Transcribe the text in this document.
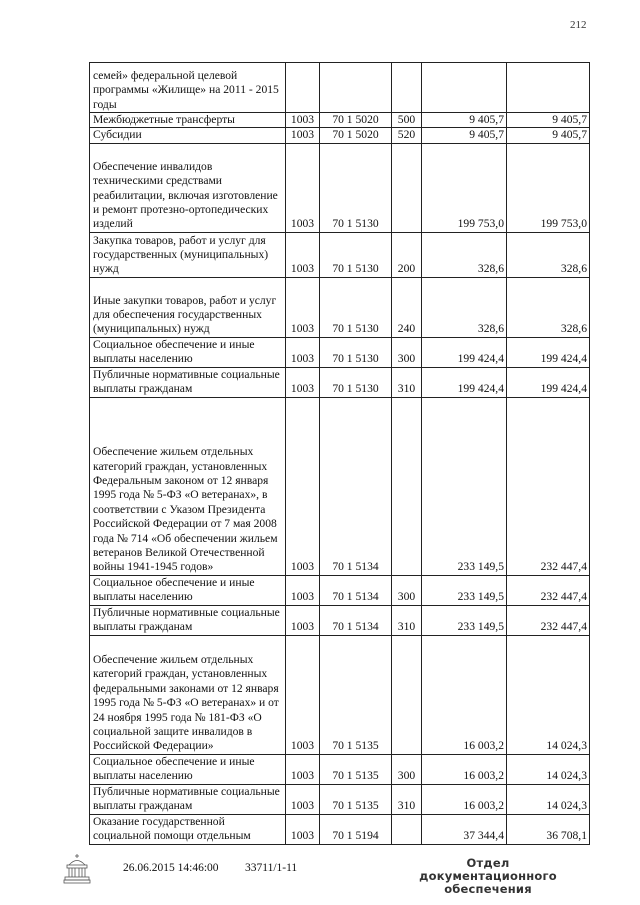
212
семей» федеральной целевой программы «Жилище» на 2011 - 2015 годы					
Межбюджетные трансферты	1003	70 1 5020	500	9 405,7	9 405,7
Субсидии	1003	70 1 5020	520	9 405,7	9 405,7
Обеспечение инвалидов техническими средствами реабилитации, включая изготовление и ремонт протезно-ортопедических изделий	1003	70 1 5130		199 753,0	199 753,0
Закупка товаров, работ и услуг для государственных (муниципальных) нужд	1003	70 1 5130	200	328,6	328,6
Иные закупки товаров, работ и услуг для обеспечения государственных (муниципальных) нужд	1003	70 1 5130	240	328,6	328,6
Социальное обеспечение и иные выплаты населению	1003	70 1 5130	300	199 424,4	199 424,4
Публичные нормативные социальные выплаты гражданам	1003	70 1 5130	310	199 424,4	199 424,4
Обеспечение жильем отдельных категорий граждан, установленных Федеральным законом от 12 января 1995 года № 5-ФЗ «О ветеранах», в соответствии с Указом Президента Российской Федерации от 7 мая 2008 года № 714 «Об обеспечении жильем ветеранов Великой Отечественной войны 1941-1945 годов»	1003	70 1 5134		233 149,5	232 447,4
Социальное обеспечение и иные выплаты населению	1003	70 1 5134	300	233 149,5	232 447,4
Публичные нормативные социальные выплаты гражданам	1003	70 1 5134	310	233 149,5	232 447,4
Обеспечение жильем отдельных категорий граждан, установленных федеральными законами от 12 января 1995 года № 5-ФЗ «О ветеранах» и от 24 ноября 1995 года № 181-ФЗ «О социальной защите инвалидов в Российской Федерации»	1003	70 1 5135		16 003,2	14 024,3
Социальное обеспечение и иные выплаты населению	1003	70 1 5135	300	16 003,2	14 024,3
Публичные нормативные социальные выплаты гражданам	1003	70 1 5135	310	16 003,2	14 024,3
Оказание государственной социальной помощи отдельным	1003	70 1 5194		37 344,4	36 708,1
26.06.2015 14:46:00 33711/1-11	Отдел документационного
обеспечения
